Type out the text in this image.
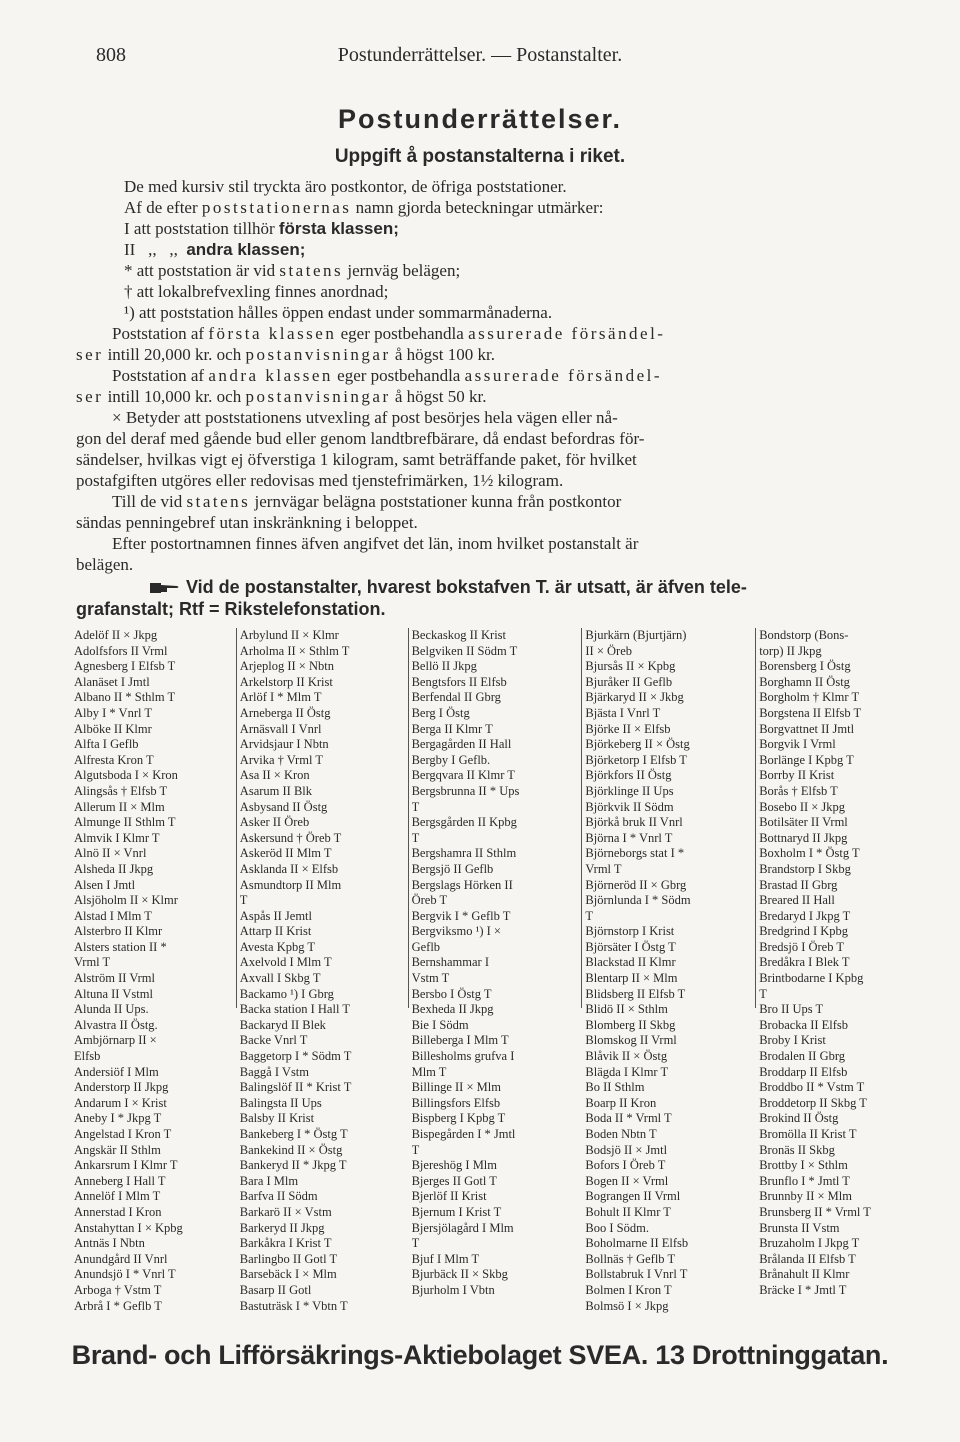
808	Postunderrättelser. — Postanstalter.
Postunderrättelser.
Uppgift å postanstalterna i riket.
De med kursiv stil tryckta äro postkontor, de öfriga poststationer.
Af de efter poststationernas namn gjorda beteckningar utmärker:
I att poststation tillhör första klassen;
II   ,,   ,,  andra klassen;
* att poststation är vid statens jernväg belägen;
† att lokalbrefvexling finnes anordnad;
¹) att poststation hålles öppen endast under sommarmånaderna.
Poststation af första klassen eger postbehandla assurerade försändel-
ser intill 20,000 kr. och postanvisningar å högst 100 kr.
Poststation af andra klassen eger postbehandla assurerade försändel-
ser intill 10,000 kr. och postanvisningar å högst 50 kr.
× Betyder att poststationens utvexling af post besörjes hela vägen eller nå-
gon del deraf med gående bud eller genom landtbrefbärare, då endast befordras för-
sändelser, hvilkas vigt ej öfverstiga 1 kilogram, samt beträffande paket, för hvilket
postafgiften utgöres eller redovisas med tjenstefrimärken, 1½ kilogram.
Till de vid statens jernvägar belägna poststationer kunna från postkontor
sändas penningebref utan inskränkning i beloppet.
Efter postortnamnen finnes äfven angifvet det län, inom hvilket postanstalt är
belägen.
Vid de postanstalter, hvarest bokstafven T. är utsatt, är äfven tele-
grafanstalt; Rtf = Rikstelefonstation.
Adelöf II × Jkpg
Adolfsfors II Vrml
Agnesberg I Elfsb T
Alanäset I Jmtl
Albano II * Sthlm T
Alby I * Vnrl T
Alböke II Klmr
Alfta I Geflb
Alfresta Kron T
Algutsboda I × Kron
Alingsås † Elfsb T
Allerum II × Mlm
Almunge II Sthlm T
Almvik I Klmr T
Alnö II × Vnrl
Alsheda II Jkpg
Alsen I Jmtl
Alsjöholm II × Klmr
Alstad I Mlm T
Alsterbro II Klmr
Alsters station II *
Vrml T
Alström II Vrml
Altuna II Vstml
Alunda II Ups.
Alvastra II Östg.
Ambjörnarp II ×
Elfsb
Andersiöf I Mlm
Anderstorp II Jkpg
Andarum I × Krist
Aneby I * Jkpg T
Angelstad I Kron T
Angskär II Sthlm
Ankarsrum I Klmr T
Anneberg I Hall T
Annelöf I Mlm T
Annerstad I Kron
Anstahyttan I × Kpbg
Antnäs I Nbtn
Anundgård II Vnrl
Anundsjö I * Vnrl T
Arboga † Vstm T
Arbrå I * Geflb T
Arbylund II × Klmr
Arholma II × Sthlm T
Arjeplog II × Nbtn
Arkelstorp II Krist
Arlöf I * Mlm T
Arneberga II Östg
Arnäsvall I Vnrl
Arvidsjaur I Nbtn
Arvika † Vrml T
Asa II × Kron
Asarum II Blk
Asbysand II Östg
Asker II Öreb
Askersund † Öreb T
Askeröd II Mlm T
Asklanda II × Elfsb
Asmundtorp II Mlm
T
Aspås II Jemtl
Attarp II Krist
Avesta Kpbg T
Axelvold I Mlm T
Axvall I Skbg T
Backamo ¹) I Gbrg
Backa station I Hall T
Backaryd II Blek
Backe Vnrl T
Baggetorp I * Södm T
Baggå I Vstm
Balingslöf II * Krist T
Balingsta II Ups
Balsby II Krist
Bankeberg I * Östg T
Bankekind II × Östg
Bankeryd II * Jkpg T
Bara I Mlm
Barfva II Södm
Barkarö II × Vstm
Barkeryd II Jkpg
Barkåkra I Krist T
Barlingbo II Gotl T
Barsebäck I × Mlm
Basarp II Gotl
Bastuträsk I * Vbtn T
Beckaskog II Krist
Belgviken II Södm T
Bellö II Jkpg
Bengtsfors II Elfsb
Berfendal II Gbrg
Berg I Östg
Berga II Klmr T
Bergagården II Hall
Bergby I Geflb.
Bergqvara II Klmr T
Bergsbrunna II * Ups
T
Bergsgården II Kpbg
T
Bergshamra II Sthlm
Bergsjö II Geflb
Bergslags Hörken II
Öreb T
Bergvik I * Geflb T
Bergviksmo ¹) I ×
Geflb
Bernshammar I
Vstm T
Bersbo I Östg T
Bexheda II Jkpg
Bie I Södm
Billeberga I Mlm T
Billesholms grufva I
Mlm T
Billinge II × Mlm
Billingsfors Elfsb
Bispberg I Kpbg T
Bispegården I * Jmtl
T
Bjereshög I Mlm
Bjerges II Gotl T
Bjerlöf II Krist
Bjernum I Krist T
Bjersjölagård I Mlm
T
Bjuf I Mlm T
Bjurbäck II × Skbg
Bjurholm I Vbtn
Bjurkärn (Bjurtjärn)
II × Öreb
Bjursås II × Kpbg
Bjuråker II Geflb
Bjärkaryd II × Jkbg
Bjästa I Vnrl T
Björke II × Elfsb
Björkeberg II × Östg
Björketorp I Elfsb T
Björkfors II Östg
Björklinge II Ups
Björkvik II Södm
Björkå bruk II Vnrl
Björna I * Vnrl T
Björneborgs stat I *
Vrml T
Björneröd II × Gbrg
Björnlunda I * Södm
T
Björnstorp I Krist
Björsäter I Östg T
Blackstad II Klmr
Blentarp II × Mlm
Blidsberg II Elfsb T
Blidö II × Sthlm
Blomberg II Skbg
Blomskog II Vrml
Blåvik II × Östg
Blägda I Klmr T
Bo II Sthlm
Boarp II Kron
Boda II * Vrml T
Boden Nbtn T
Bodsjö II × Jmtl
Bofors I Öreb T
Bogen II × Vrml
Bograngen II Vrml
Bohult II Klmr T
Boo I Södm.
Boholmarne II Elfsb
Bollnäs † Geflb T
Bollstabruk I Vnrl T
Bolmen I Kron T
Bolmsö I × Jkpg
Bondstorp (Bons-
torp) II Jkpg
Borensberg I Östg
Borghamn II Östg
Borgholm † Klmr T
Borgstena II Elfsb T
Borgvattnet II Jmtl
Borgvik I Vrml
Borlänge I Kpbg T
Borrby II Krist
Borås † Elfsb T
Bosebo II × Jkpg
Botilsäter II Vrml
Bottnaryd II Jkpg
Boxholm I * Östg T
Brandstorp I Skbg
Brastad II Gbrg
Breared II Hall
Bredaryd I Jkpg T
Bredgrind I Kpbg
Bredsjö I Öreb T
Bredåkra I Blek T
Brintbodarne I Kpbg
T
Bro II Ups T
Brobacka II Elfsb
Broby I Krist
Brodalen II Gbrg
Broddarp II Elfsb
Broddbo II * Vstm T
Broddetorp II Skbg T
Brokind II Östg
Bromölla II Krist T
Bronäs II Skbg
Brottby I × Sthlm
Brunflo I * Jmtl T
Brunnby II × Mlm
Brunsberg II * Vrml T
Brunsta II Vstm
Bruzaholm I Jkpg T
Brålanda II Elfsb T
Brånahult II Klmr
Bräcke I * Jmtl T
Brand- och Lifförsäkrings-Aktiebolaget SVEA. 13 Drottninggatan.
